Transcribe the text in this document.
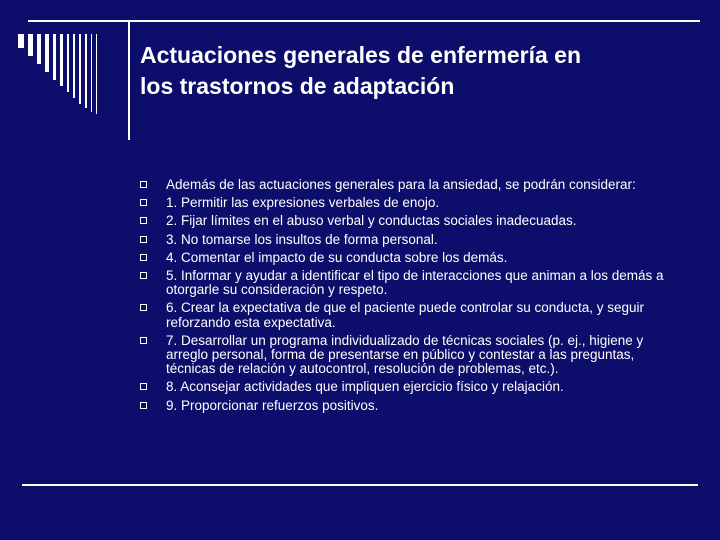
Actuaciones generales de enfermería en
los trastornos de adaptación
Además de las actuaciones generales para la ansiedad, se podrán considerar:
1. Permitir las expresiones verbales de enojo.
2. Fijar límites en el abuso verbal y conductas sociales inadecuadas.
3. No tomarse los insultos de forma personal.
4. Comentar el impacto de su conducta sobre los demás.
5. Informar y ayudar a identificar el tipo de interacciones que animan a los demás a otorgarle su consideración y respeto.
6. Crear la expectativa de que el paciente puede controlar su conducta, y seguir reforzando esta expectativa.
7. Desarrollar un programa individualizado de técnicas sociales (p. ej., higiene y arreglo personal, forma de presentarse en público y contestar a las preguntas, técnicas de relación y autocontrol, resolución de problemas, etc.).
8. Aconsejar actividades que impliquen ejercicio físico y relajación.
9. Proporcionar refuerzos positivos.
